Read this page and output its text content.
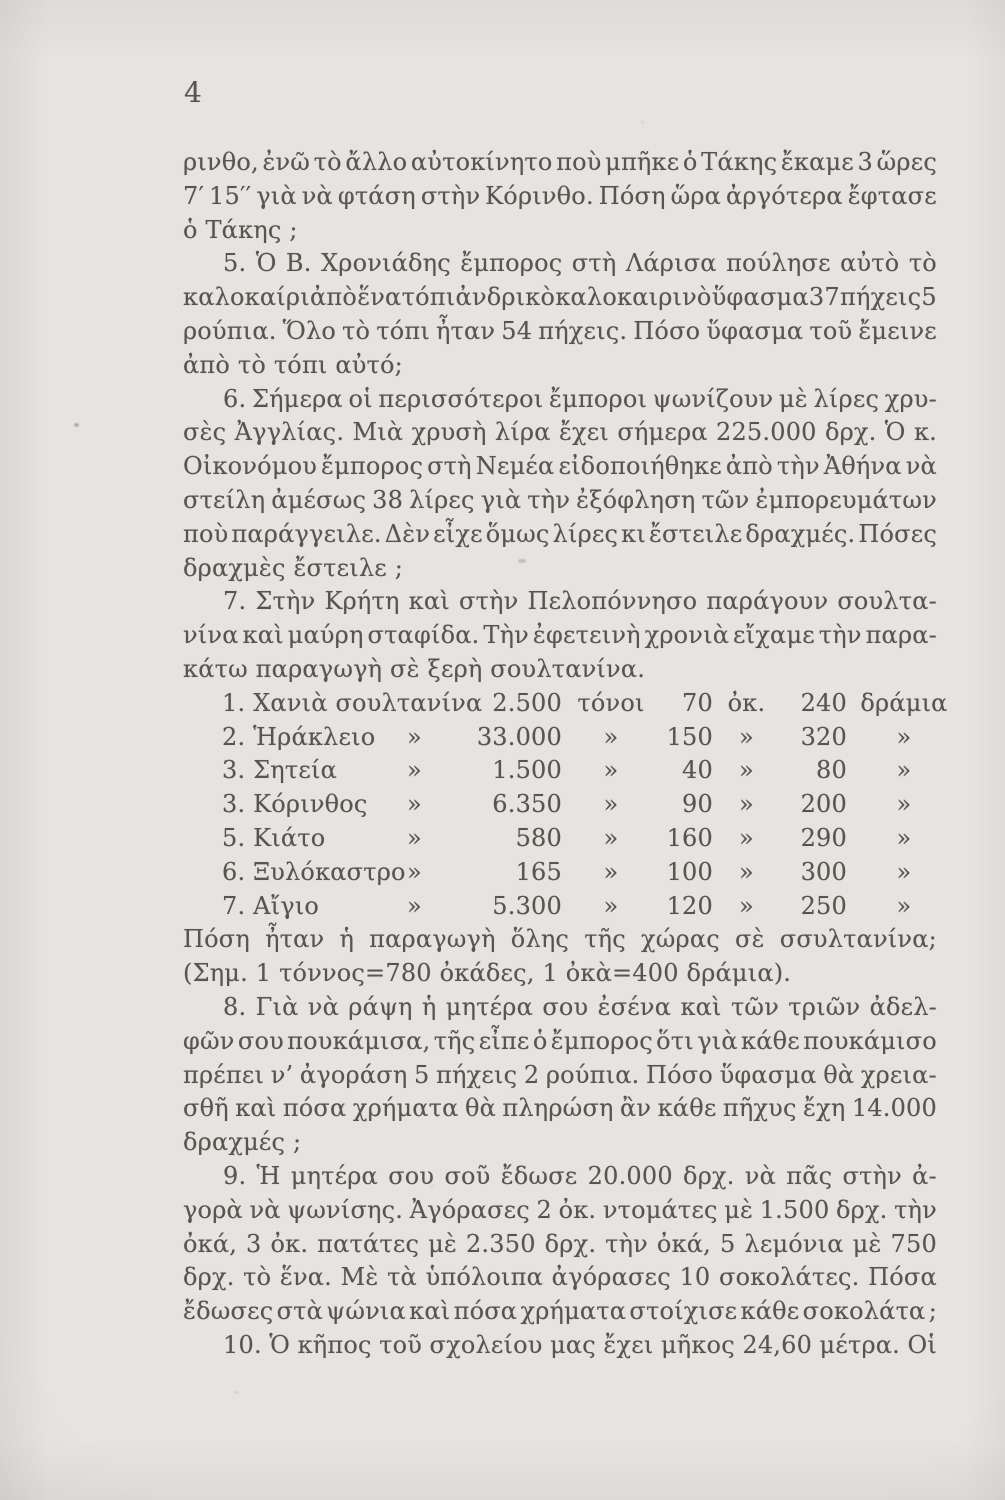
4
ρινθο, ἐνῶ τὸ ἄλλο αὐτοκίνητο ποὺ μπῆκε ὁ Τάκης ἔκαμε 3 ὥρες
7′ 15′′ γιὰ νὰ φτάση στὴν Κόρινθο. Πόση ὥρα ἀργότερα ἔφτασε
ὁ Τάκης ;
5. Ὁ Β. Χρονιάδης ἔμπορος στὴ Λάρισα πούλησε αὐτὸ τὸ
καλοκαίρι ἀπὸ ἕνα τόπι ἀνδρικὸ καλοκαιρινὸ ὕφασμα 37 πήχεις 5
ρούπια. Ὅλο τὸ τόπι ἦταν 54 πήχεις. Πόσο ὕφασμα τοῦ ἔμεινε
ἀπὸ τὸ τόπι αὐτό;
6. Σήμερα οἱ περισσότεροι ἔμποροι ψωνίζουν μὲ λίρες χρυ-
σὲς Ἀγγλίας. Μιὰ χρυσὴ λίρα ἔχει σήμερα 225.000 δρχ. Ὁ κ.
Οἰκονόμου ἔμπορος στὴ Νεμέα εἰδοποιήθηκε ἀπὸ τὴν Ἀθήνα νὰ
στείλη ἀμέσως 38 λίρες γιὰ τὴν ἐξόφληση τῶν ἐμπορευμάτων
ποὺ παράγγειλε. Δὲν εἶχε ὅμως λίρες κι ἔστειλε δραχμές. Πόσες
δραχμὲς ἔστειλε ;
7. Στὴν Κρήτη καὶ στὴν Πελοπόννησο παράγουν σουλτα-
νίνα καὶ μαύρη σταφίδα. Τὴν ἐφετεινὴ χρονιὰ εἴχαμε τὴν παρα-
κάτω παραγωγὴ σὲ ξερὴ σουλτανίνα.
1. Χανιὰ σουλτανίνα 2.500 τόνοι	70 ὀκ.	240 δράμια
2. Ἡράκλειο	»	33.000	»	150	»	320	»
3. Σητεία	»	1.500	»	40	»	80	»
3. Κόρινθος	»	6.350	»	90	»	200	»
5. Κιάτο	»	580	»	160	»	290	»
6. Ξυλόκαστρο »	165	»	100	»	300	»
7. Αἴγιο	»	5.300	»	120	»	250	»
Πόση ἦταν ἡ παραγωγὴ ὅλης τῆς χώρας σὲ σσυλτανίνα;
(Σημ. 1 τόννος=780 ὀκάδες, 1 ὀκὰ=400 δράμια).
8. Γιὰ νὰ ράψη ἡ μητέρα σου ἐσένα καὶ τῶν τριῶν ἀδελ-
φῶν σου πουκάμισα, τῆς εἶπε ὁ ἔμπορος ὅτι γιὰ κάθε πουκάμισο
πρέπει ν’ ἀγοράση 5 πήχεις 2 ρούπια. Πόσο ὕφασμα θὰ χρεια-
σθῆ καὶ πόσα χρήματα θὰ πληρώση ἂν κάθε πῆχυς ἔχη 14.000
δραχμές ;
9. Ἡ μητέρα σου σοῦ ἔδωσε 20.000 δρχ. νὰ πᾶς στὴν ἀ-
γορὰ νὰ ψωνίσης. Ἀγόρασες 2 ὀκ. ντομάτες μὲ 1.500 δρχ. τὴν
ὀκά, 3 ὀκ. πατάτες μὲ 2.350 δρχ. τὴν ὀκά, 5 λεμόνια μὲ 750
δρχ. τὸ ἕνα. Μὲ τὰ ὑπόλοιπα ἀγόρασες 10 σοκολάτες. Πόσα
ἔδωσες στὰ ψώνια καὶ πόσα χρήματα στοίχισε κάθε σοκολάτα ;
10. Ὁ κῆπος τοῦ σχολείου μας ἔχει μῆκος 24,60 μέτρα. Οἱ
